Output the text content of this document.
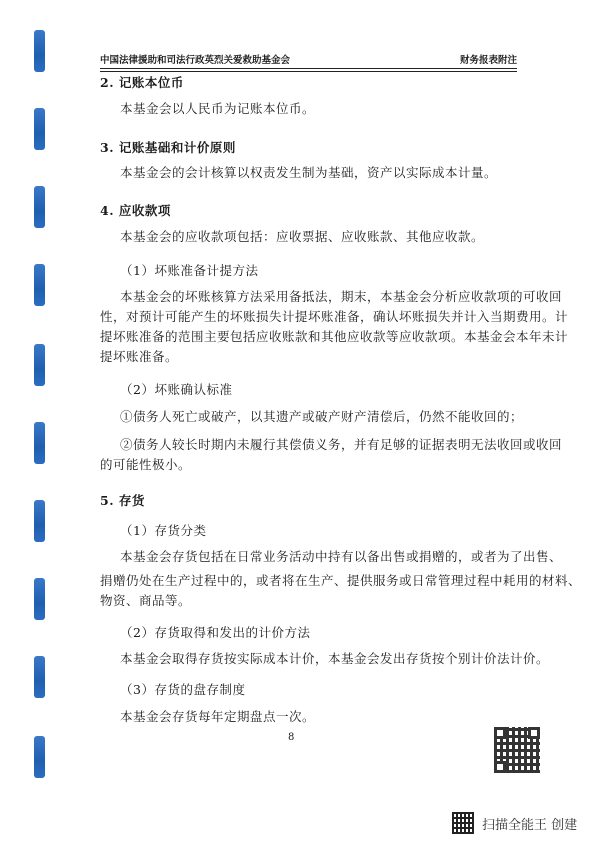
中国法律援助和司法行政英烈关爱救助基金会	财务报表附注
2. 记账本位币
本基金会以人民币为记账本位币。
3. 记账基础和计价原则
本基金会的会计核算以权责发生制为基础，资产以实际成本计量。
4. 应收款项
本基金会的应收款项包括：应收票据、应收账款、其他应收款。
（1）坏账准备计提方法
本基金会的坏账核算方法采用备抵法，期末，本基金会分析应收款项的可收回
性，对预计可能产生的坏账损失计提坏账准备，确认坏账损失并计入当期费用。计
提坏账准备的范围主要包括应收账款和其他应收款等应收款项。本基金会本年未计
提坏账准备。
（2）坏账确认标准
①债务人死亡或破产，以其遗产或破产财产清偿后，仍然不能收回的；
②债务人较长时期内未履行其偿债义务，并有足够的证据表明无法收回或收回
的可能性极小。
5. 存货
（1）存货分类
本基金会存货包括在日常业务活动中持有以备出售或捐赠的，或者为了出售、
捐赠仍处在生产过程中的，或者将在生产、提供服务或日常管理过程中耗用的材料、
物资、商品等。
（2）存货取得和发出的计价方法
本基金会取得存货按实际成本计价，本基金会发出存货按个别计价法计价。
（3）存货的盘存制度
本基金会存货每年定期盘点一次。
8
扫描全能王 创建
